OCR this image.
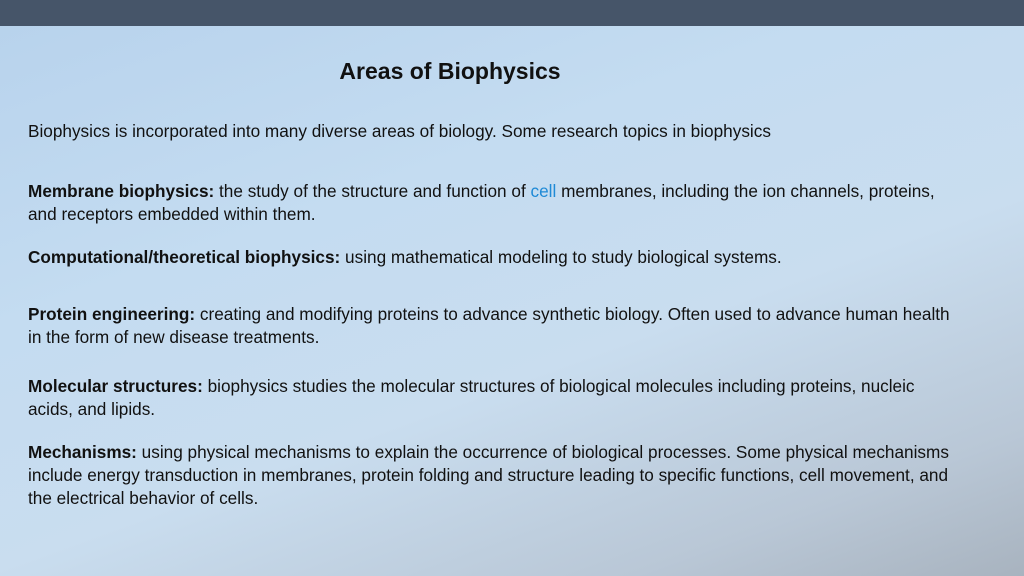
Areas of Biophysics
Biophysics is incorporated into many diverse areas of biology. Some research topics in biophysics
Membrane biophysics: the study of the structure and function of cell membranes, including the ion channels, proteins, and receptors embedded within them.
Computational/theoretical biophysics: using mathematical modeling to study biological systems.
Protein engineering: creating and modifying proteins to advance synthetic biology. Often used to advance human health in the form of new disease treatments.
Molecular structures: biophysics studies the molecular structures of biological molecules including proteins, nucleic acids, and lipids.
Mechanisms: using physical mechanisms to explain the occurrence of biological processes. Some physical mechanisms include energy transduction in membranes, protein folding and structure leading to specific functions, cell movement, and the electrical behavior of cells.
